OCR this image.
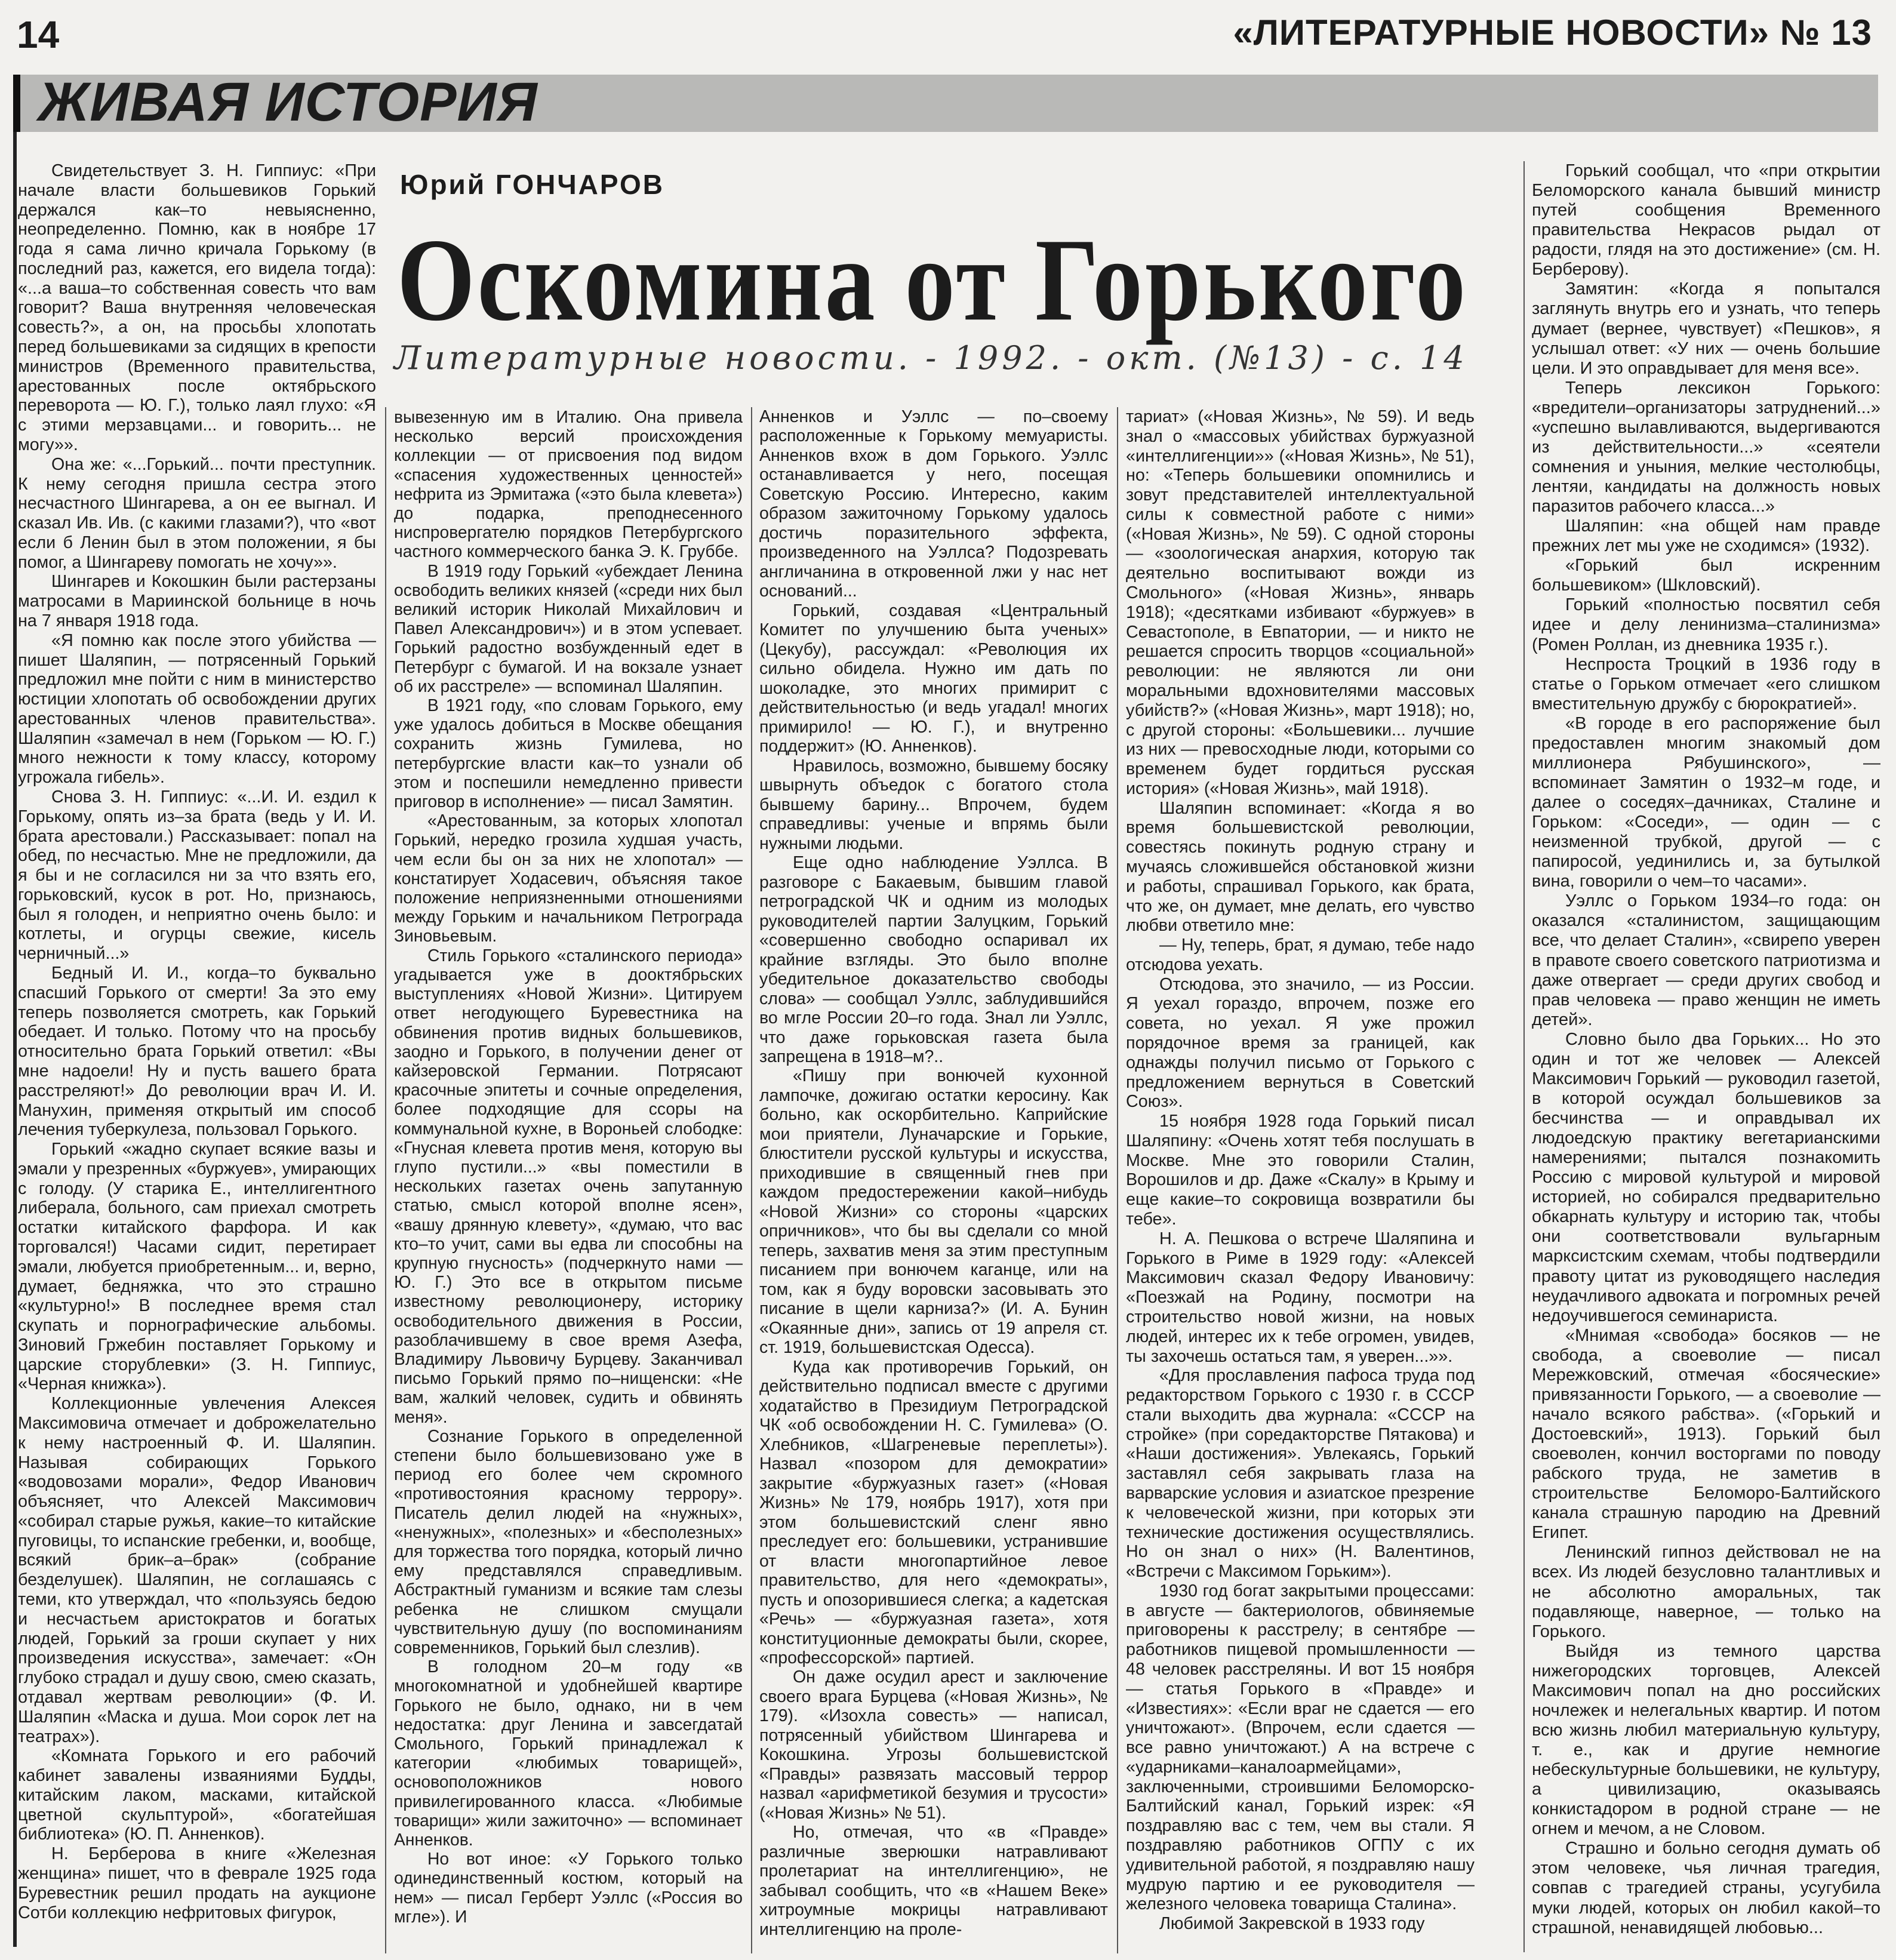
14	«ЛИТЕРАТУРНЫЕ НОВОСТИ» № 13
ЖИВАЯ ИСТОРИЯ
Юрий ГОНЧАРОВ
Оскомина от Горького
Литературные новости. - 1992. - окт. (№13) - с. 14

Свидетельствует З. Н. Гиппиус: «При начале власти большевиков Горький держался как–то невыясненно, неопределенно. Помню, как в ноябре 17 года я сама лично кричала Горькому (в последний раз, кажется, его видела тогда): «...а ваша–то собственная совесть что вам говорит? Ваша внутренняя человеческая совесть?», а он, на просьбы хлопотать перед большевиками за сидящих в крепости министров (Временного правительства, арестованных после октябрьского переворота — Ю. Г.), только лаял глухо: «Я с этими мерзавцами... и говорить... не могу»».

Она же: «...Горький... почти преступник. К нему сегодня пришла сестра этого несчастного Шингарева, а он ее выгнал. И сказал Ив. Ив. (с какими глазами?), что «вот если б Ленин был в этом положении, я бы помог, а Шингареву помогать не хочу»».

Шингарев и Кокошкин были растерзаны матросами в Мариинской больнице в ночь на 7 января 1918 года.

«Я помню как после этого убийства — пишет Шаляпин, — потрясенный Горький предложил мне пойти с ним в министерство юстиции хлопотать об освобождении других арестованных членов правительства». Шаляпин «замечал в нем (Горьком — Ю. Г.) много нежности к тому классу, которому угрожала гибель».

Снова З. Н. Гиппиус: «...И. И. ездил к Горькому, опять из–за брата (ведь у И. И. брата арестовали.) Рассказывает: попал на обед, по несчастью. Мне не предложили, да я бы и не согласился ни за что взять его, горьковский, кусок в рот. Но, признаюсь, был я голоден, и неприятно очень было: и котлеты, и огурцы свежие, кисель черничный...»

Бедный И. И., когда–то буквально спасший Горького от смерти! За это ему теперь позволяется смотреть, как Горький обедает. И только. Потому что на просьбу относительно брата Горький ответил: «Вы мне надоели! Ну и пусть вашего брата расстреляют!» До революции врач И. И. Манухин, применяя открытый им способ лечения туберкулеза, пользовал Горького.

Горький «жадно скупает всякие вазы и эмали у презренных «буржуев», умирающих с голоду. (У старика Е., интеллигентного либерала, больного, сам приехал смотреть остатки китайского фарфора. И как торговался!) Часами сидит, перетирает эмали, любуется приобретенным... и, верно, думает, бедняжка, что это страшно «культурно!» В последнее время стал скупать и порнографические альбомы. Зиновий Гржебин поставляет Горькому и царские сторублевки» (З. Н. Гиппиус, «Черная книжка»).

Коллекционные увлечения Алексея Максимовича отмечает и доброжелательно к нему настроенный Ф. И. Шаляпин. Называя собирающих Горького «водовозами морали», Федор Иванович объясняет, что Алексей Максимович «собирал старые ружья, какие–то китайские пуговицы, то испанские гребенки, и, вообще, всякий брик–а–брак» (собрание безделушек). Шаляпин, не соглашаясь с теми, кто утверждал, что «пользуясь бедою и несчастьем аристократов и богатых людей, Горький за гроши скупает у них произведения искусства», замечает: «Он глубоко страдал и душу свою, смею сказать, отдавал жертвам революции» (Ф. И. Шаляпин «Маска и душа. Мои сорок лет на театрах»).

«Комната Горького и его рабочий кабинет завалены изваяниями Будды, китайским лаком, масками, китайской цветной скульптурой», «богатейшая библиотека» (Ю. П. Анненков).

Н. Берберова в книге «Железная женщина» пишет, что в феврале 1925 года Буревестник решил продать на аукционе Сотби коллекцию нефритовых фигурок,

вывезенную им в Италию. Она привела несколько версий происхождения коллекции — от присвоения под видом «спасения художественных ценностей» нефрита из Эрмитажа («это была клевета») до подарка, преподнесенного ниспровергателю порядков Петербургского частного коммерческого банка Э. К. Груббе.

В 1919 году Горький «убеждает Ленина освободить великих князей («среди них был великий историк Николай Михайлович и Павел Александрович») и в этом успевает. Горький радостно возбужденный едет в Петербург с бумагой. И на вокзале узнает об их расстреле» — вспоминал Шаляпин.

В 1921 году, «по словам Горького, ему уже удалось добиться в Москве обещания сохранить жизнь Гумилева, но петербургские власти как–то узнали об этом и поспешили немедленно привести приговор в исполнение» — писал Замятин.

«Арестованным, за которых хлопотал Горький, нередко грозила худшая участь, чем если бы он за них не хлопотал» — констатирует Ходасевич, объясняя такое положение неприязненными отношениями между Горьким и начальником Петрограда Зиновьевым.

Стиль Горького «сталинского периода» угадывается уже в дооктябрьских выступлениях «Новой Жизни». Цитируем ответ негодующего Буревестника на обвинения против видных большевиков, заодно и Горького, в получении денег от кайзеровской Германии. Потрясают красочные эпитеты и сочные определения, более подходящие для ссоры на коммунальной кухне, в Вороньей слободке: «Гнусная клевета против меня, которую вы глупо пустили...» «вы поместили в нескольких газетах очень запутанную статью, смысл которой вполне ясен», «вашу дрянную клевету», «думаю, что вас кто–то учит, сами вы едва ли способны на крупную гнусность» (подчеркнуто нами — Ю. Г.) Это все в открытом письме известному революционеру, историку освободительного движения в России, разоблачившему в свое время Азефа, Владимиру Львовичу Бурцеву. Заканчивал письмо Горький прямо по–нищенски: «Не вам, жалкий человек, судить и обвинять меня».

Сознание Горького в определенной степени было большевизовано уже в период его более чем скромного «противостояния красному террору». Писатель делил людей на «нужных», «ненужных», «полезных» и «бесполезных» для торжества того порядка, который лично ему представлялся справедливым. Абстрактный гуманизм и всякие там слезы ребенка не слишком смущали чувствительную душу (по воспоминаниям современников, Горький был слезлив).

В голодном 20–м году «в многокомнатной и удобнейшей квартире Горького не было, однако, ни в чем недостатка: друг Ленина и завсегдатай Смольного, Горький принадлежал к категории «любимых товарищей», основоположников нового привилегированного класса. «Любимые товарищи» жили зажиточно» — вспоминает Анненков.

Но вот иное: «У Горького только одинединственный костюм, который на нем» — писал Герберт Уэллс («Россия во мгле»). И

Анненков и Уэллс — по–своему расположенные к Горькому мемуаристы. Анненков вхож в дом Горького. Уэллс останавливается у него, посещая Советскую Россию. Интересно, каким образом зажиточному Горькому удалось достичь поразительного эффекта, произведенного на Уэллса? Подозревать англичанина в откровенной лжи у нас нет оснований...

Горький, создавая «Центральный Комитет по улучшению быта ученых» (Цекубу), рассуждал: «Революция их сильно обидела. Нужно им дать по шоколадке, это многих примирит с действительностью (и ведь угадал! многих примирило! — Ю. Г.), и внутренно поддержит» (Ю. Анненков).

Нравилось, возможно, бывшему босяку швырнуть объедок с богатого стола бывшему барину... Впрочем, будем справедливы: ученые и впрямь были нужными людьми.

Еще одно наблюдение Уэллса. В разговоре с Бакаевым, бывшим главой петроградской ЧК и одним из молодых руководителей партии Залуцким, Горький «совершенно свободно оспаривал их крайние взгляды. Это было вполне убедительное доказательство свободы слова» — сообщал Уэллс, заблудившийся во мгле России 20–го года. Знал ли Уэллс, что даже горьковская газета была запрещена в 1918–м?..

«Пишу при вонючей кухонной лампочке, дожигаю остатки керосину. Как больно, как оскорбительно. Каприйские мои приятели, Луначарские и Горькие, блюстители русской культуры и искусства, приходившие в священный гнев при каждом предостережении какой–нибудь «Новой Жизни» со стороны «царских опричников», что бы вы сделали со мной теперь, захватив меня за этим преступным писанием при вонючем каганце, или на том, как я буду воровски засовывать это писание в щели карниза?» (И. А. Бунин «Окаянные дни», запись от 19 апреля ст. ст. 1919, большевистская Одесса).

Куда как противоречив Горький, он действительно подписал вместе с другими ходатайство в Президиум Петроградской ЧК «об освобождении Н. С. Гумилева» (О. Хлебников, «Шагреневые переплеты»). Назвал «позором для демократии» закрытие «буржуазных газет» («Новая Жизнь» № 179, ноябрь 1917), хотя при этом большевистский сленг явно преследует его: большевики, устранившие от власти многопартийное левое правительство, для него «демократы», пусть и опозорившиеся слегка; а кадетская «Речь» — «буржуазная газета», хотя конституционные демократы были, скорее, «профессорской» партией.

Он даже осудил арест и заключение своего врага Бурцева («Новая Жизнь», № 179). «Изохла совесть» — написал, потрясенный убийством Шингарева и Кокошкина. Угрозы большевистской «Правды» развязать массовый террор назвал «арифметикой безумия и трусости» («Новая Жизнь» № 51).

Но, отмечая, что «в «Правде» различные зверюшки натравливают пролетариат на интеллигенцию», не забывал сообщить, что «в «Нашем Веке» хитроумные мокрицы натравливают интеллигенцию на проле-

тариат» («Новая Жизнь», № 59). И ведь знал о «массовых убийствах буржуазной «интеллигенции»» («Новая Жизнь», № 51), но: «Теперь большевики опомнились и зовут представителей интеллектуальной силы к совместной работе с ними» («Новая Жизнь», № 59). С одной стороны — «зоологическая анархия, которую так деятельно воспитывают вожди из Смольного» («Новая Жизнь», январь 1918); «десятками избивают «буржуев» в Севастополе, в Евпатории, — и никто не решается спросить творцов «социальной» революции: не являются ли они моральными вдохновителями массовых убийств?» («Новая Жизнь», март 1918); но, с другой стороны: «Большевики... лучшие из них — превосходные люди, которыми со временем будет гордиться русская история» («Новая Жизнь», май 1918).

Шаляпин вспоминает: «Когда я во время большевистской революции, совестясь покинуть родную страну и мучаясь сложившейся обстановкой жизни и работы, спрашивал Горького, как брата, что же, он думает, мне делать, его чувство любви ответило мне:

— Ну, теперь, брат, я думаю, тебе надо отсюдова уехать.

Отсюдова, это значило, — из России. Я уехал гораздо, впрочем, позже его совета, но уехал. Я уже прожил порядочное время за границей, как однажды получил письмо от Горького с предложением вернуться в Советский Союз».

15 ноября 1928 года Горький писал Шаляпину: «Очень хотят тебя послушать в Москве. Мне это говорили Сталин, Ворошилов и др. Даже «Скалу» в Крыму и еще какие–то сокровища возвратили бы тебе».

Н. А. Пешкова о встрече Шаляпина и Горького в Риме в 1929 году: «Алексей Максимович сказал Федору Ивановичу: «Поезжай на Родину, посмотри на строительство новой жизни, на новых людей, интерес их к тебе огромен, увидев, ты захочешь остаться там, я уверен...»».

«Для прославления пафоса труда под редакторством Горького с 1930 г. в СССР стали выходить два журнала: «СССР на стройке» (при соредакторстве Пятакова) и «Наши достижения». Увлекаясь, Горький заставлял себя закрывать глаза на варварские условия и азиатское презрение к человеческой жизни, при которых эти технические достижения осуществлялись. Но он знал о них» (Н. Валентинов, «Встречи с Максимом Горьким»).

1930 год богат закрытыми процессами: в августе — бактериологов, обвиняемые приговорены к расстрелу; в сентябре — работников пищевой промышленности — 48 человек расстреляны. И вот 15 ноября — статья Горького в «Правде» и «Известиях»: «Если враг не сдается — его уничтожают». (Впрочем, если сдается — все равно уничтожают.) А на встрече с «ударниками–каналоармейцами», заключенными, строившими Беломорско-Балтийский канал, Горький изрек: «Я поздравляю вас с тем, чем вы стали. Я поздравляю работников ОГПУ с их удивительной работой, я поздравляю нашу мудрую партию и ее руководителя — железного человека товарища Сталина».

Любимой Закревской в 1933 году

Горький сообщал, что «при открытии Беломорского канала бывший министр путей сообщения Временного правительства Некрасов рыдал от радости, глядя на это достижение» (см. Н. Берберову).

Замятин: «Когда я попытался заглянуть внутрь его и узнать, что теперь думает (вернее, чувствует) «Пешков», я услышал ответ: «У них — очень большие цели. И это оправдывает для меня все».

Теперь лексикон Горького: «вредители–организаторы затруднений...» «успешно вылавливаются, выдергиваются из действительности...» «сеятели сомнения и уныния, мелкие честолюбцы, лентяи, кандидаты на должность новых паразитов рабочего класса...»

Шаляпин: «на общей нам правде прежних лет мы уже не сходимся» (1932).

«Горький был искренним большевиком» (Шкловский).

Горький «полностью посвятил себя идее и делу ленинизма–сталинизма» (Ромен Роллан, из дневника 1935 г.).

Неспроста Троцкий в 1936 году в статье о Горьком отмечает «его слишком вместительную дружбу с бюрократией».

«В городе в его распоряжение был предоставлен многим знакомый дом миллионера Рябушинского», — вспоминает Замятин о 1932–м годе, и далее о соседях–дачниках, Сталине и Горьком: «Соседи», — один — с неизменной трубкой, другой — с папиросой, уединились и, за бутылкой вина, говорили о чем–то часами».

Уэллс о Горьком 1934–го года: он оказался «сталинистом, защищающим все, что делает Сталин», «свирепо уверен в правоте своего советского патриотизма и даже отвергает — среди других свобод и прав человека — право женщин не иметь детей».

Словно было два Горьких... Но это один и тот же человек — Алексей Максимович Горький — руководил газетой, в которой осуждал большевиков за бесчинства — и оправдывал их людоедскую практику вегетарианскими намерениями; пытался познакомить Россию с мировой культурой и мировой историей, но собирался предварительно обкарнать культуру и историю так, чтобы они соответствовали вульгарным марксистским схемам, чтобы подтвердили правоту цитат из руководящего наследия неудачливого адвоката и погромных речей недоучившегося семинариста.

«Мнимая «свобода» босяков — не свобода, а своеволие — писал Мережковский, отмечая «босяческие» привязанности Горького, — а своеволие — начало всякого рабства». («Горький и Достоевский», 1913). Горький был своеволен, кончил восторгами по поводу рабского труда, не заметив в строительстве Беломоро-Балтийского канала страшную пародию на Древний Египет.

Ленинский гипноз действовал не на всех. Из людей безусловно талантливых и не абсолютно аморальных, так подавляюще, наверное, — только на Горького.

Выйдя из темного царства нижегородских торговцев, Алексей Максимович попал на дно российских ночлежек и нелегальных квартир. И потом всю жизнь любил материальную культуру, т. е., как и другие немногие небескультурные большевики, не культуру, а цивилизацию, оказываясь конкистадором в родной стране — не огнем и мечом, а не Словом.

Страшно и больно сегодня думать об этом человеке, чья личная трагедия, совпав с трагедией страны, усугубила муки людей, которых он любил какой–то страшной, ненавидящей любовью...
